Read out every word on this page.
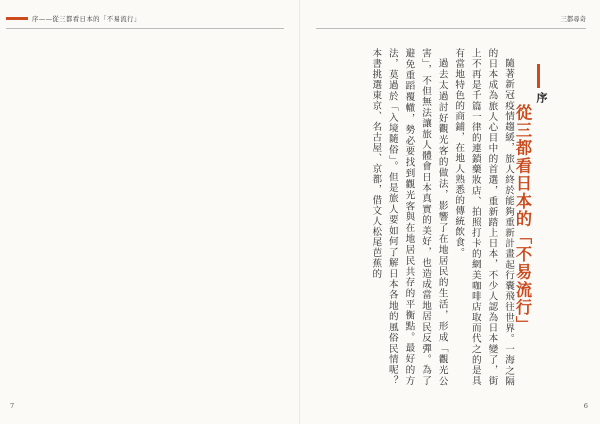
序——從三都看日本的「不易流行」

7
三都尋奇
6
序
從三都看日本的「不易流行」

隨著新冠疫情趨緩，旅人終於能夠重新計畫起行囊飛往世界。一海之隔的日本成為旅人心目中的首選，重新踏上日本，不少人認為日本變了，街上不再是千篇一律的連鎖藥妝店、拍照打卡的網美咖啡店取而代之的是具有當地特色的商鋪，在地人熟悉的傳統飲食。

過去太過討好觀光客的做法，影響了在地居民的生活，形成「觀光公害」，不但無法讓旅人體會日本真實的美好，也造成當地居民反彈。為了避免重蹈覆轍，勢必要找到觀光客與在地居民共存的平衡點。最好的方法，莫過於「入境隨俗」。但是旅人要如何了解日本各地的風俗民情呢？本書挑選東京、名古屋、京都，借文人松尾芭蕉的
